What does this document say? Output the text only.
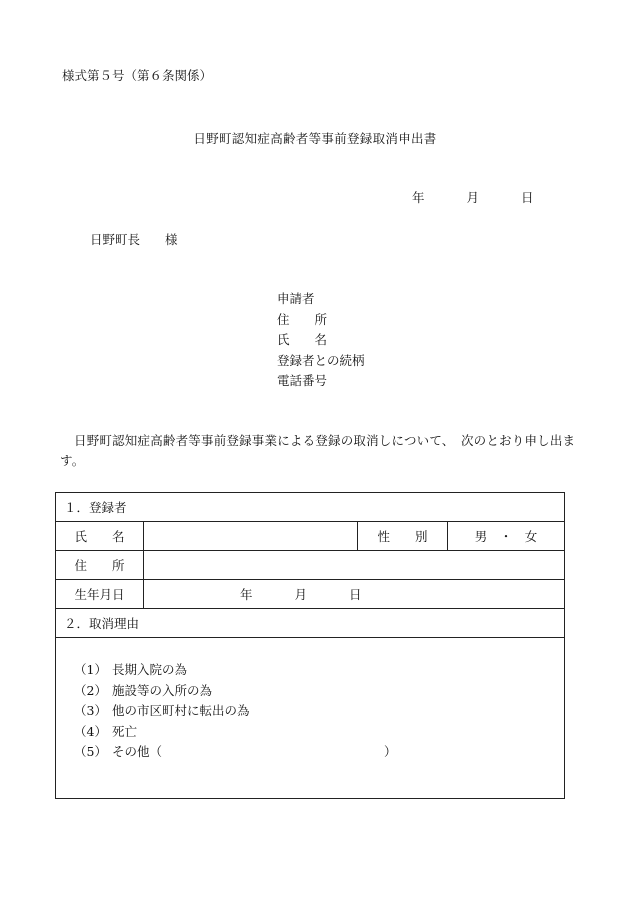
様式第５号（第６条関係）
日野町認知症高齢者等事前登録取消申出書
年	月	日
日野町長　　様
申請者
住　　所
氏　　名
登録者との続柄
電話番号
日野町認知症高齢者等事前登録事業による登録の取消しについて、　次のとおり申し出ます。
１．登録者			
氏　　名		性　　別	男　・　女
住　　所			
生年月日	年 月 日		
２．取消理由			

（1） 長期入院の為
（2） 施設等の入所の為
（3） 他の市区町村に転出の為
（4） 死亡
（5） その他（ ）			
